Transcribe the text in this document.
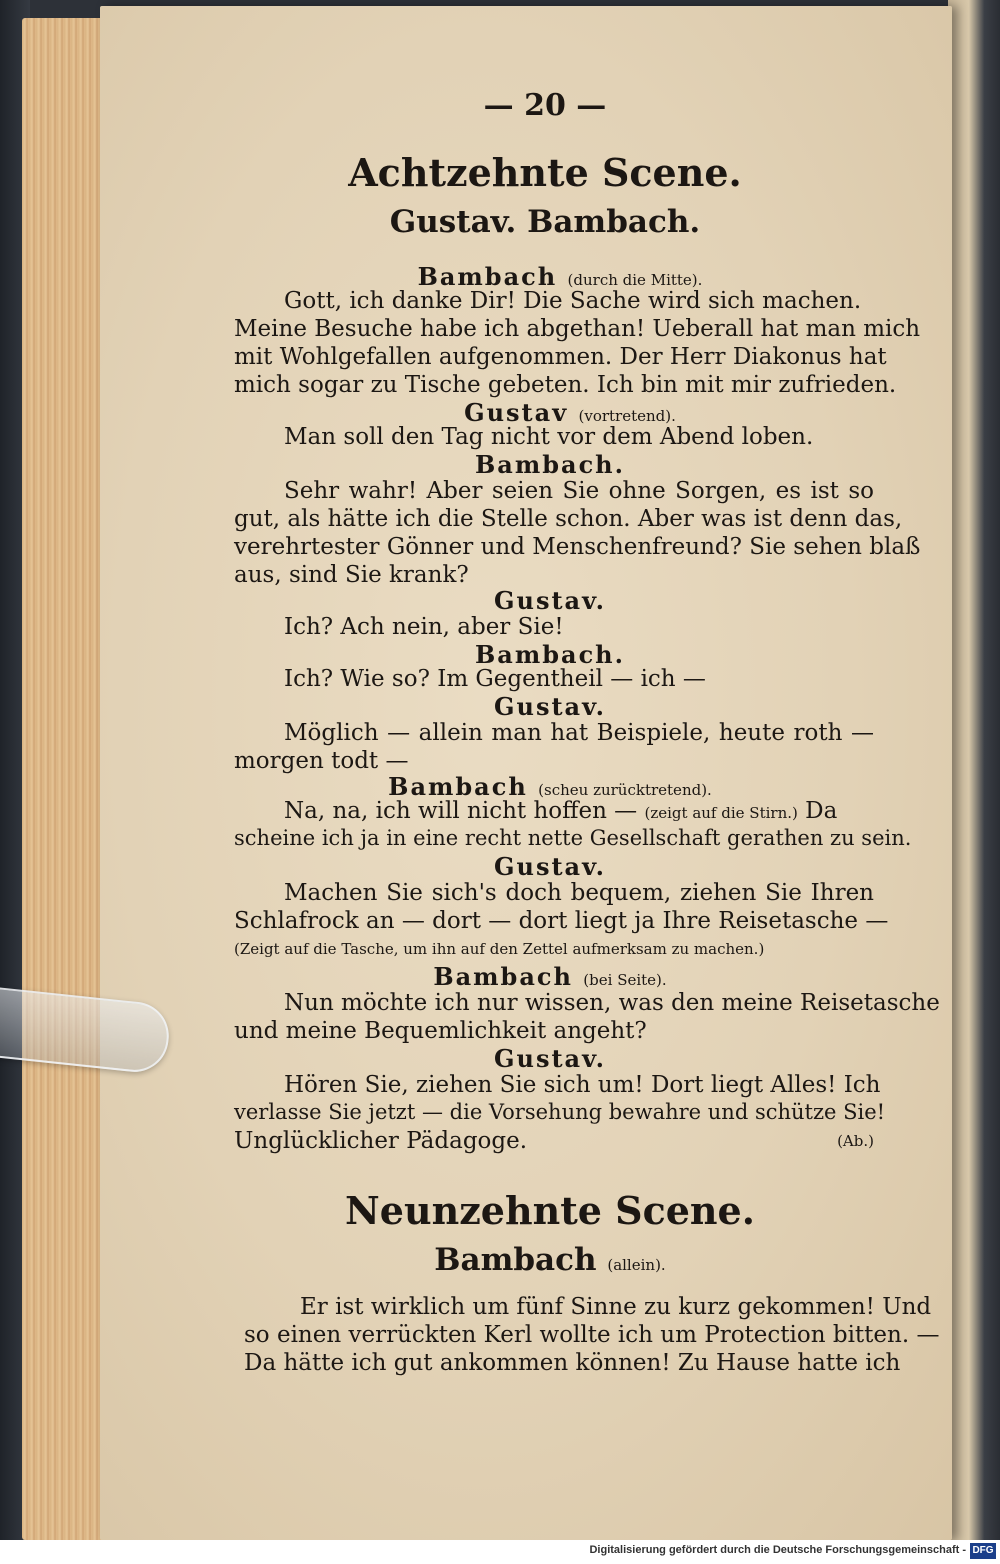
— 20 —
Achtzehnte Scene.
Gustav. Bambach.
Bambach (durch die Mitte).
Gott, ich danke Dir! Die Sache wird sich machen.
Meine Besuche habe ich abgethan! Ueberall hat man mich
mit Wohlgefallen aufgenommen. Der Herr Diakonus hat
mich sogar zu Tische gebeten. Ich bin mit mir zufrieden.
Gustav (vortretend).
Man soll den Tag nicht vor dem Abend loben.
Bambach.
Sehr wahr! Aber seien Sie ohne Sorgen, es ist so
gut, als hätte ich die Stelle schon. Aber was ist denn das,
verehrtester Gönner und Menschenfreund? Sie sehen blaß
aus, sind Sie krank?
Gustav.
Ich? Ach nein, aber Sie!
Bambach.
Ich? Wie so? Im Gegentheil — ich —
Gustav.
Möglich — allein man hat Beispiele, heute roth —
morgen todt —
Bambach (scheu zurücktretend).
Na, na, ich will nicht hoffen — (zeigt auf die Stirn.) Da
scheine ich ja in eine recht nette Gesellschaft gerathen zu sein.
Gustav.
Machen Sie sich's doch bequem, ziehen Sie Ihren
Schlafrock an — dort — dort liegt ja Ihre Reisetasche —
(Zeigt auf die Tasche, um ihn auf den Zettel aufmerksam zu machen.)
Bambach (bei Seite).
Nun möchte ich nur wissen, was den meine Reisetasche
und meine Bequemlichkeit angeht?
Gustav.
Hören Sie, ziehen Sie sich um! Dort liegt Alles! Ich
verlasse Sie jetzt — die Vorsehung bewahre und schütze Sie!
Unglücklicher Pädagoge.	(Ab.)
Neunzehnte Scene.
Bambach (allein).
Er ist wirklich um fünf Sinne zu kurz gekommen! Und
so einen verrückten Kerl wollte ich um Protection bitten. —
Da hätte ich gut ankommen können! Zu Hause hatte ich
Digitalisierung gefördert durch die Deutsche Forschungsgemeinschaft - DFG
